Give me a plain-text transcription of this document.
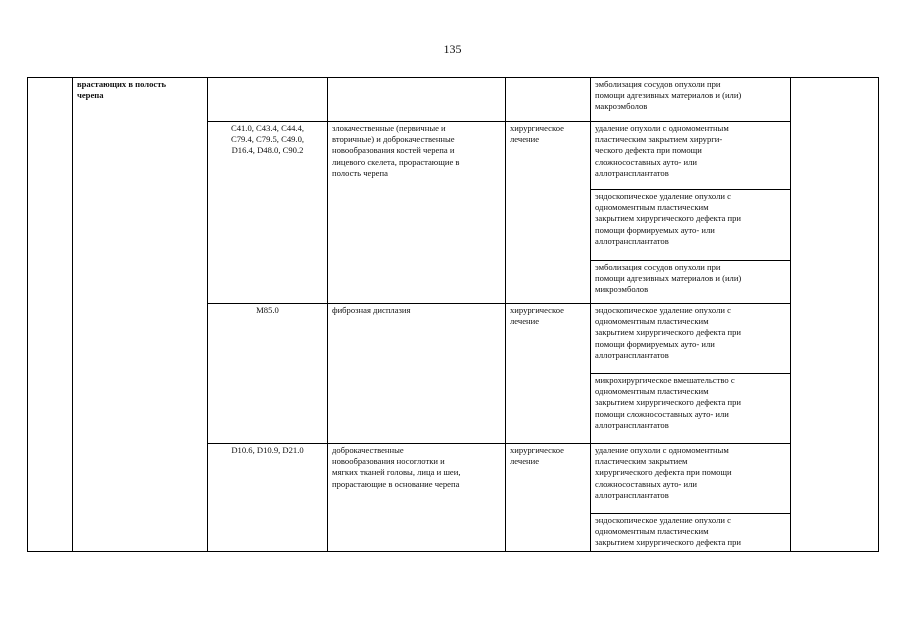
135
	врастающих в полость
черепа				эмболизация сосудов опухоли при
помощи адгезивных материалов и (или)
макроэмболов	
		C41.0, C43.4, C44.4,
C79.4, C79.5, C49.0,
D16.4, D48.0, C90.2	злокачественные (первичные и
вторичные) и доброкачественные
новообразования костей черепа и
лицевого скелета, прорастающие в
полость черепа	хирургическое
лечение	удаление опухоли с одномоментным
пластическим закрытием хирурги-
ческого дефекта при помощи
сложносоставных ауто- или
аллотрансплантатов	
					эндоскопическое удаление опухоли с
одномоментным пластическим
закрытием хирургического дефекта при
помощи формируемых ауто- или
аллотрансплантатов	
					эмболизация сосудов опухоли при
помощи адгезивных материалов и (или)
микроэмболов	
		M85.0	фиброзная дисплазия	хирургическое
лечение	эндоскопическое удаление опухоли с
одномоментным пластическим
закрытием хирургического дефекта при
помощи формируемых ауто- или
аллотрансплантатов	
					микрохирургическое вмешательство с
одномоментным пластическим
закрытием хирургического дефекта при
помощи сложносоставных ауто- или
аллотрансплантатов	
		D10.6, D10.9, D21.0	доброкачественные
новообразования носоглотки и
мягких тканей головы, лица и шеи,
прорастающие в основание черепа	хирургическое
лечение	удаление опухоли с одномоментным
пластическим закрытием
хирургического дефекта при помощи
сложносоставных ауто- или
аллотрансплантатов	
					эндоскопическое удаление опухоли с
одномоментным пластическим
закрытием хирургического дефекта при	
